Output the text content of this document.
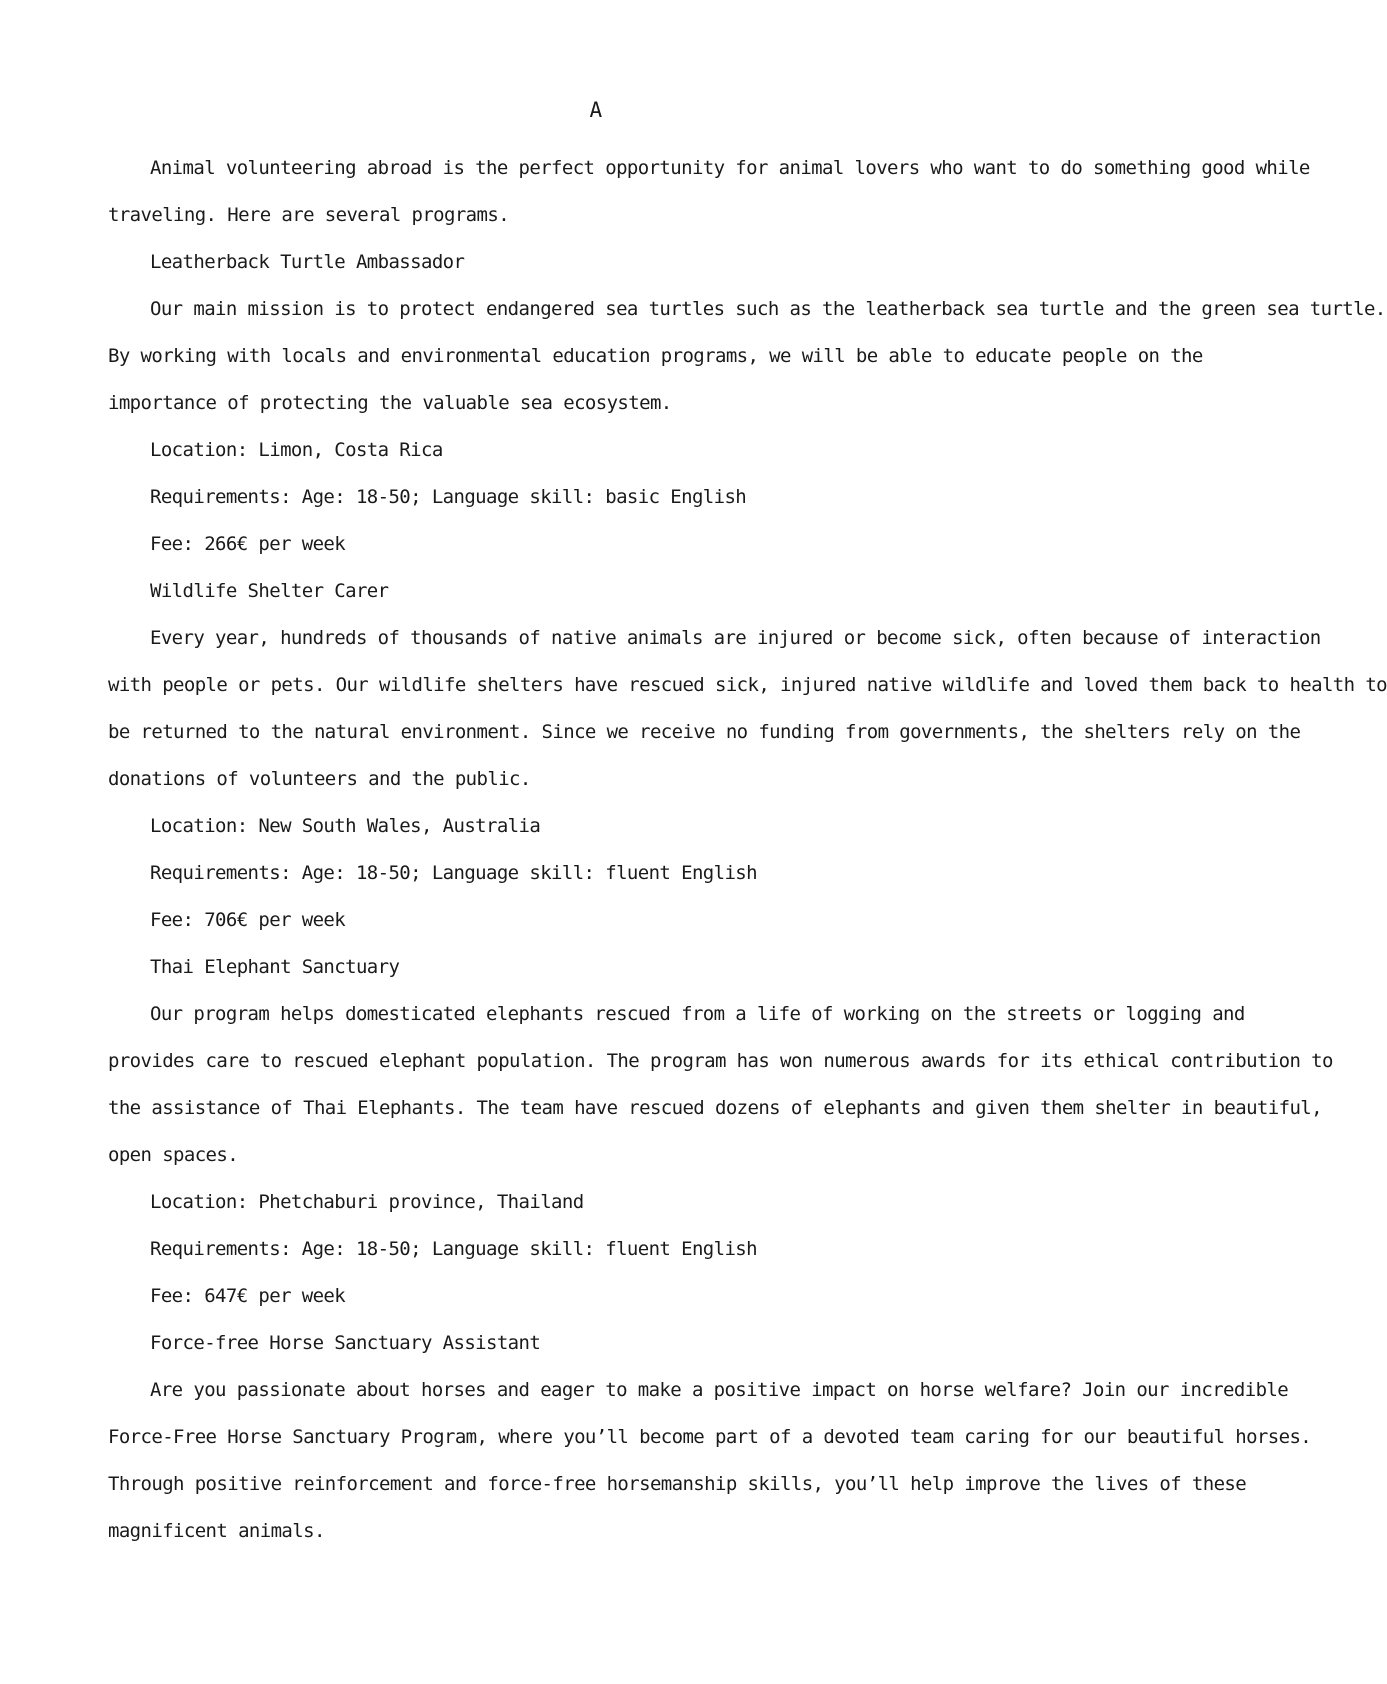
A

Animal volunteering abroad is the perfect opportunity for animal lovers who want to do something good while
traveling. Here are several programs.

Leatherback Turtle Ambassador

Our main mission is to protect endangered sea turtles such as the leatherback sea turtle and the green sea turtle.
By working with locals and environmental education programs, we will be able to educate people on the
importance of protecting the valuable sea ecosystem.

Location: Limon, Costa Rica

Requirements: Age: 18-50; Language skill: basic English

Fee: 266€ per week

Wildlife Shelter Carer

Every year, hundreds of thousands of native animals are injured or become sick, often because of interaction
with people or pets. Our wildlife shelters have rescued sick, injured native wildlife and loved them back to health to
be returned to the natural environment. Since we receive no funding from governments, the shelters rely on the
donations of volunteers and the public.

Location: New South Wales, Australia

Requirements: Age: 18-50; Language skill: fluent English

Fee: 706€ per week

Thai Elephant Sanctuary

Our program helps domesticated elephants rescued from a life of working on the streets or logging and
provides care to rescued elephant population. The program has won numerous awards for its ethical contribution to
the assistance of Thai Elephants. The team have rescued dozens of elephants and given them shelter in beautiful,
open spaces.

Location: Phetchaburi province, Thailand

Requirements: Age: 18-50; Language skill: fluent English

Fee: 647€ per week

Force-free Horse Sanctuary Assistant

Are you passionate about horses and eager to make a positive impact on horse welfare? Join our incredible
Force-Free Horse Sanctuary Program, where you’ll become part of a devoted team caring for our beautiful horses.
Through positive reinforcement and force-free horsemanship skills, you’ll help improve the lives of these
magnificent animals.
